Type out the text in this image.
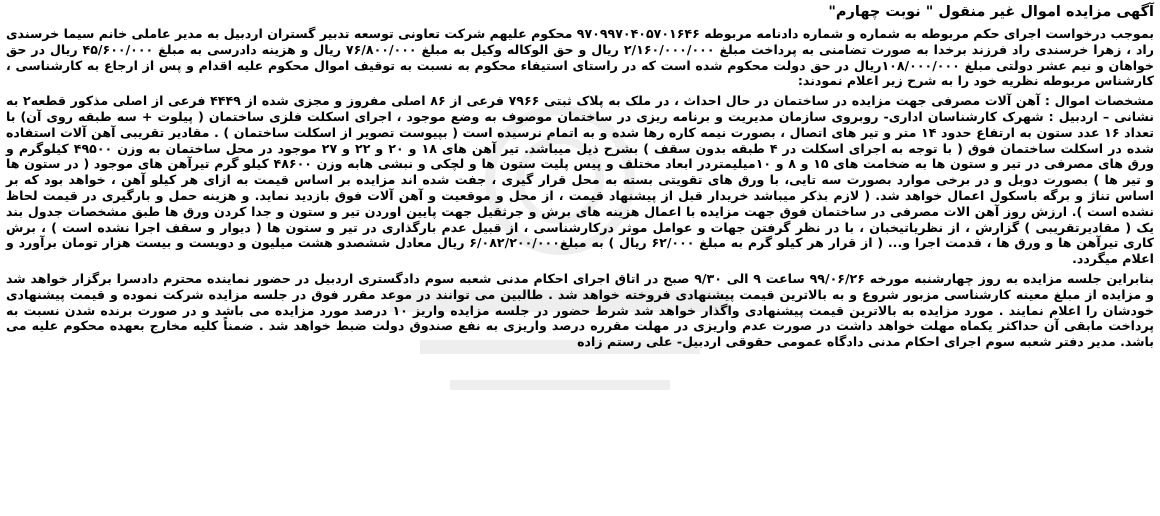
آگهی مزایده اموال غیر منقول " نوبت چهارم"

بموجب درخواست اجرای حکم مربوطه به شماره و شماره دادنامه مربوطه ۹۷۰۹۹۷۰۴۰۵۷۰۱۶۴۶ محکوم علیهم شرکت تعاونی توسعه تدبیر گستران اردبیل به مدیر عاملی خانم سیما خرسندی راد ، زهرا خرسندی راد فرزند برخدا به صورت تضامنی به پرداخت مبلغ ۲/۱۶۰/۰۰۰/۰۰۰ ریال و حق الوکاله وکیل به مبلغ ۷۶/۸۰۰/۰۰۰ ریال و هزینه دادرسی به مبلغ ۴۵/۶۰۰/۰۰۰ ریال در حق خواهان و نیم عشر دولتی مبلغ ۱۰۸/۰۰۰/۰۰۰ریال در حق دولت محکوم شده است که در راستای استیفاء محکوم به نسبت به توقیف اموال محکوم علیه اقدام و پس از ارجاع به کارشناسی ، کارشناس مربوطه نظریه خود را به شرح زیر اعلام نمودند:

مشخصات اموال : آهن آلات مصرفی جهت مزایده در ساختمان در حال احداث ، در ملک به پلاک ثبتی ۷۹۶۶ فرعی از ۸۶ اصلی مفروز و مجزی شده از ۴۴۴۹ فرعی از اصلی مذکور قطعه۲ به نشانی – اردبیل : شهرک کارشناسان اداری- روبروی سازمان مدیریت و برنامه ریزی در ساختمان موصوف به وضع موجود ، اجرای اسکلت فلزی ساختمان ( پیلوت + سه طبقه روی آن) با تعداد ۱۶ عدد ستون به ارتفاع حدود ۱۴ متر و تیر های اتصال ، بصورت نیمه کاره رها شده و به اتمام نرسیده است ( بپیوست تصویر از اسکلت ساختمان ) . مقادیر تقریبی آهن آلات استفاده شده در اسکلت ساختمان فوق ( با توجه به اجرای اسکلت در ۴ طبقه بدون سقف ) بشرح ذیل میباشد. تیر آهن های ۱۸ و ۲۰ و ۲۲ و ۲۷ موجود در محل ساختمان به وزن ۴۹۵۰۰ کیلوگرم و ورق های مصرفی در تیر و ستون ها به ضخامت های ۱۵ و ۸ و ۱۰میلیمتردر ابعاد مختلف و پیس پلیت ستون ها و لچکی و نبشی هابه وزن ۴۸۶۰۰ کیلو گرم تیرآهن های موجود ( در ستون ها و تیر ها ) بصورت دوبل و در برخی موارد بصورت سه تایی، با ورق های تقویتی بسته به محل قرار گیری ، جفت شده اند مزایده بر اساس قیمت به ازای هر کیلو آهن ، خواهد بود که بر اساس تناژ و برگه باسکول اعمال خواهد شد. ( لازم بذکر میباشد خریدار قبل از پیشنهاد قیمت ، از محل و موقعیت و آهن آلات فوق بازدید نماید. و هزینه حمل و بارگیری در قیمت لحاظ نشده است ). ارزش روز آهن الات مصرفی در ساختمان فوق جهت مزایده با اعمال هزینه های برش و جرثقیل جهت پایین اوردن تیر و ستون و جدا کردن ورق ها طبق مشخصات جدول بند یک ( مقادیرتقریبی ) گزارش ، از نظریاتیخبان ، با در نظر گرفتن جهات و عوامل موثر درکارشناسی ، از قبیل عدم بارگذاری در تیر و ستون ها ( دیوار و سقف اجرا نشده است ) ، برش کاری تیرآهن ها و ورق ها ، قدمت اجرا و... ( از قرار هر کیلو گرم به مبلغ ۶۲/۰۰۰ ریال ) به مبلغ۶/۰۸۲/۲۰۰/۰۰۰ ریال معادل ششصدو هشت میلیون و دویست و بیست هزار تومان برآورد و اعلام میگردد.

بنابراین جلسه مزایده به روز چهارشنبه مورخه ۹۹/۰۶/۲۶ ساعت ۹ الی ۹/۳۰ صبح در اتاق اجرای احکام مدنی شعبه سوم دادگستری اردبیل در حضور نماینده محترم دادسرا برگزار خواهد شد و مزایده از مبلغ معینه کارشناسی مزبور شروع و به بالاترین قیمت پیشنهادی فروخته خواهد شد . طالبین می توانند در موعد مقرر فوق در جلسه مزایده شرکت نموده و قیمت پیشنهادی خودشان را اعلام نمایند . مورد مزایده به بالاترین قیمت پیشنهادی واگذار خواهد شد شرط حضور در جلسه مزایده واریز ۱۰ درصد مورد مزایده می باشد و در صورت برنده شدن نسبت به پرداخت مابقی آن حداکثر یکماه مهلت خواهد داشت در صورت عدم واریزی در مهلت مقرره درصد واریزی به نفع صندوق دولت ضبط خواهد شد . ضمناً کلیه مخارج بعهده محکوم علیه می باشد. مدیر دفتر شعبه سوم اجرای احکام مدنی دادگاه عمومی حقوقی اردبیل- علی رستم زاده
